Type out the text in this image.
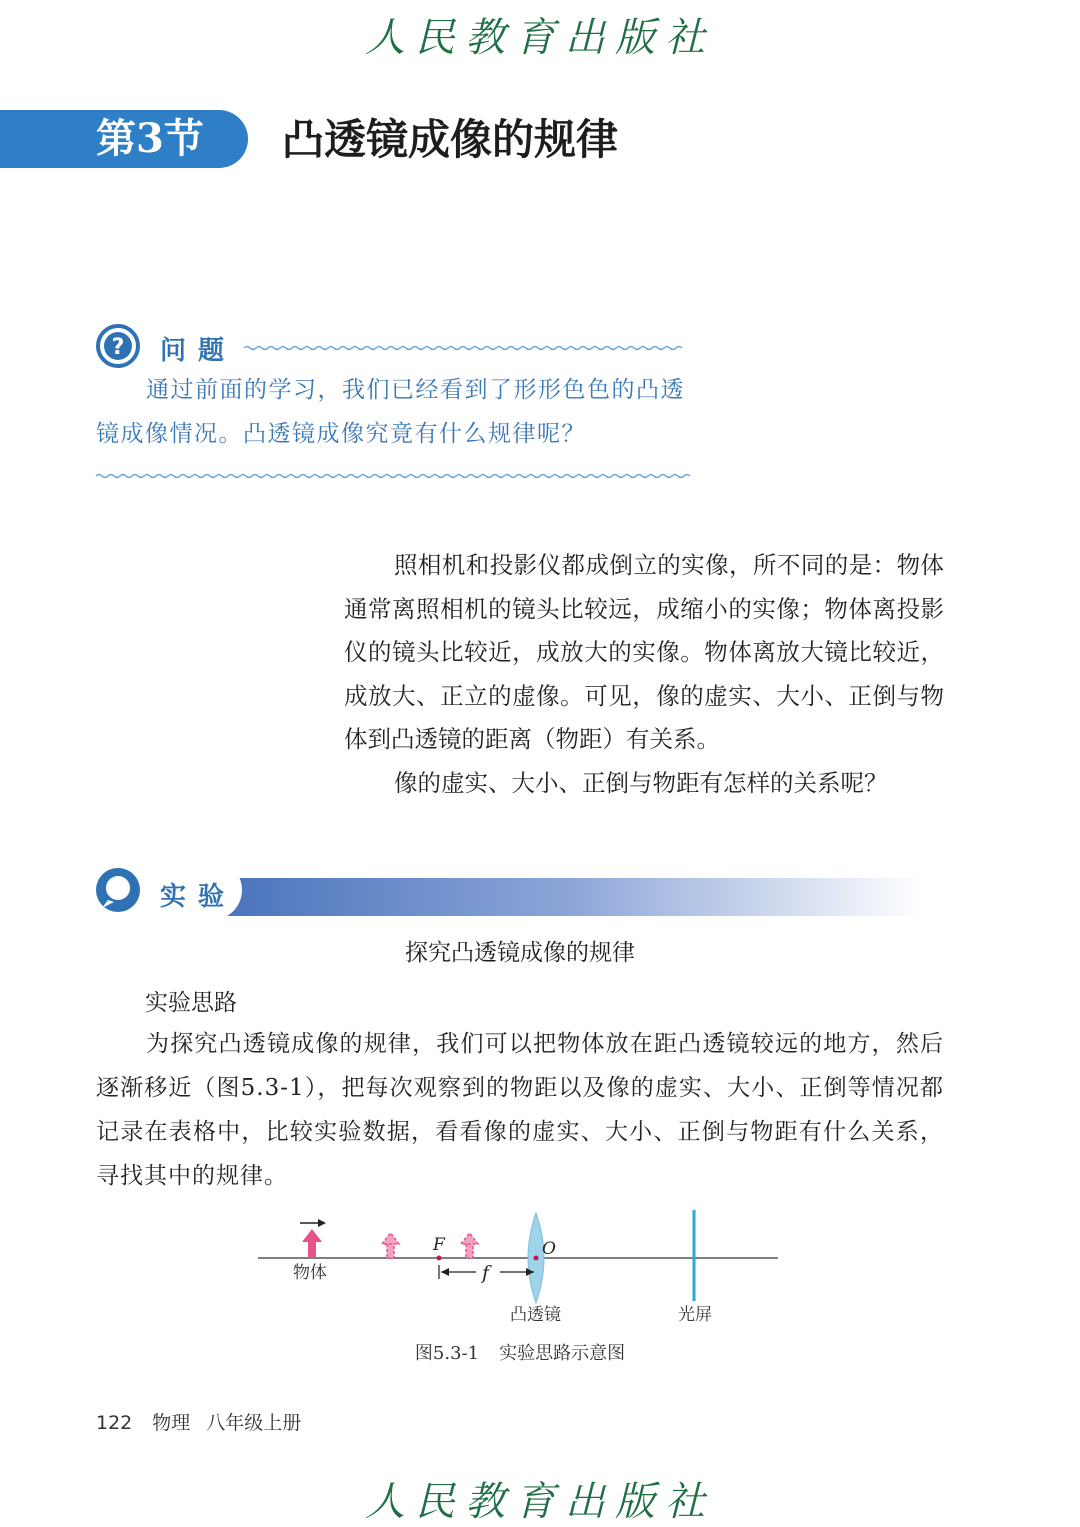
人民教育出版社
第3节	凸透镜成像的规律
? 问题

通过前面的学习，我们已经看到了形形色色的凸透

镜成像情况。凸透镜成像究竟有什么规律呢？

照相机和投影仪都成倒立的实像，所不同的是：物体通常离照相机的镜头比较远，成缩小的实像；物体离投影仪的镜头比较近，成放大的实像。物体离放大镜比较近，成放大、正立的虚像。可见，像的虚实、大小、正倒与物体到凸透镜的距离（物距）有关系。

像的虚实、大小、正倒与物距有怎样的关系呢？

实验
探究凸透镜成像的规律
实验思路

为探究凸透镜成像的规律，我们可以把物体放在距凸透镜较远的地方，然后逐渐移近（图5.3-1），把每次观察到的物距以及像的虚实、大小、正倒等情况都记录在表格中，比较实验数据，看看像的虚实、大小、正倒与物距有什么关系，寻找其中的规律。

F	O
f
物体
凸透镜	光屏
图5.3-1 实验思路示意图
122 物理 八年级上册
人民教育出版社
